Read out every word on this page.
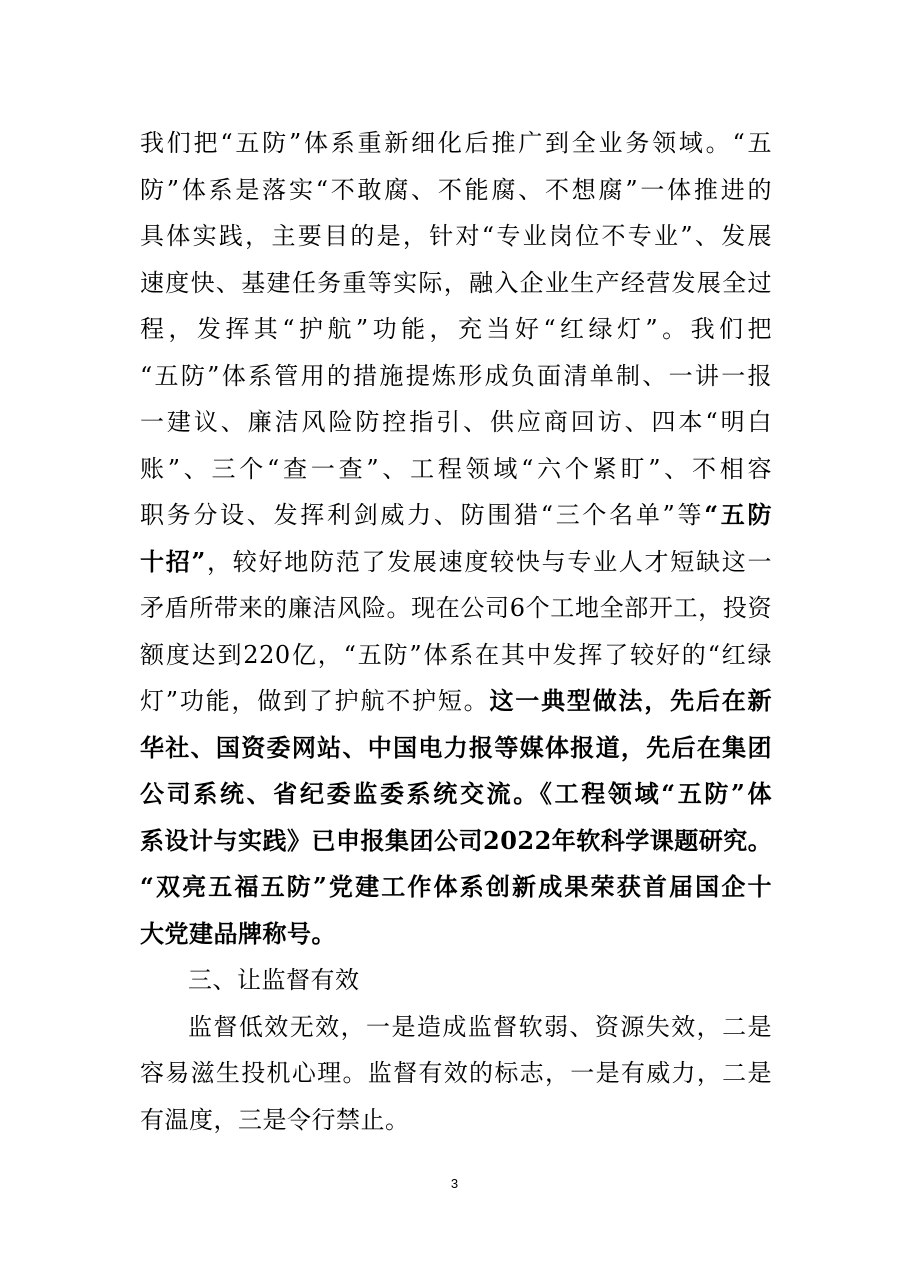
我们把“五防”体系重新细化后推广到全业务领域。“五
防”体系是落实“不敢腐、不能腐、不想腐”一体推进的
具体实践，主要目的是，针对“专业岗位不专业”、发展
速度快、基建任务重等实际，融入企业生产经营发展全过
程，发挥其“护航”功能，充当好“红绿灯”。我们把
“五防”体系管用的措施提炼形成负面清单制、一讲一报
一建议、廉洁风险防控指引、供应商回访、四本“明白
账”、三个“查一查”、工程领域“六个紧盯”、不相容
职务分设、发挥利剑威力、防围猎“三个名单”等“五防
十招”，较好地防范了发展速度较快与专业人才短缺这一
矛盾所带来的廉洁风险。现在公司6个工地全部开工，投资
额度达到220亿，“五防”体系在其中发挥了较好的“红绿
灯”功能，做到了护航不护短。这一典型做法，先后在新
华社、国资委网站、中国电力报等媒体报道，先后在集团
公司系统、省纪委监委系统交流。《工程领域“五防”体
系设计与实践》已申报集团公司2022年软科学课题研究。
“双亮五福五防”党建工作体系创新成果荣获首届国企十
大党建品牌称号。
三、让监督有效
监督低效无效，一是造成监督软弱、资源失效，二是
容易滋生投机心理。监督有效的标志，一是有威力，二是
有温度，三是令行禁止。
3
